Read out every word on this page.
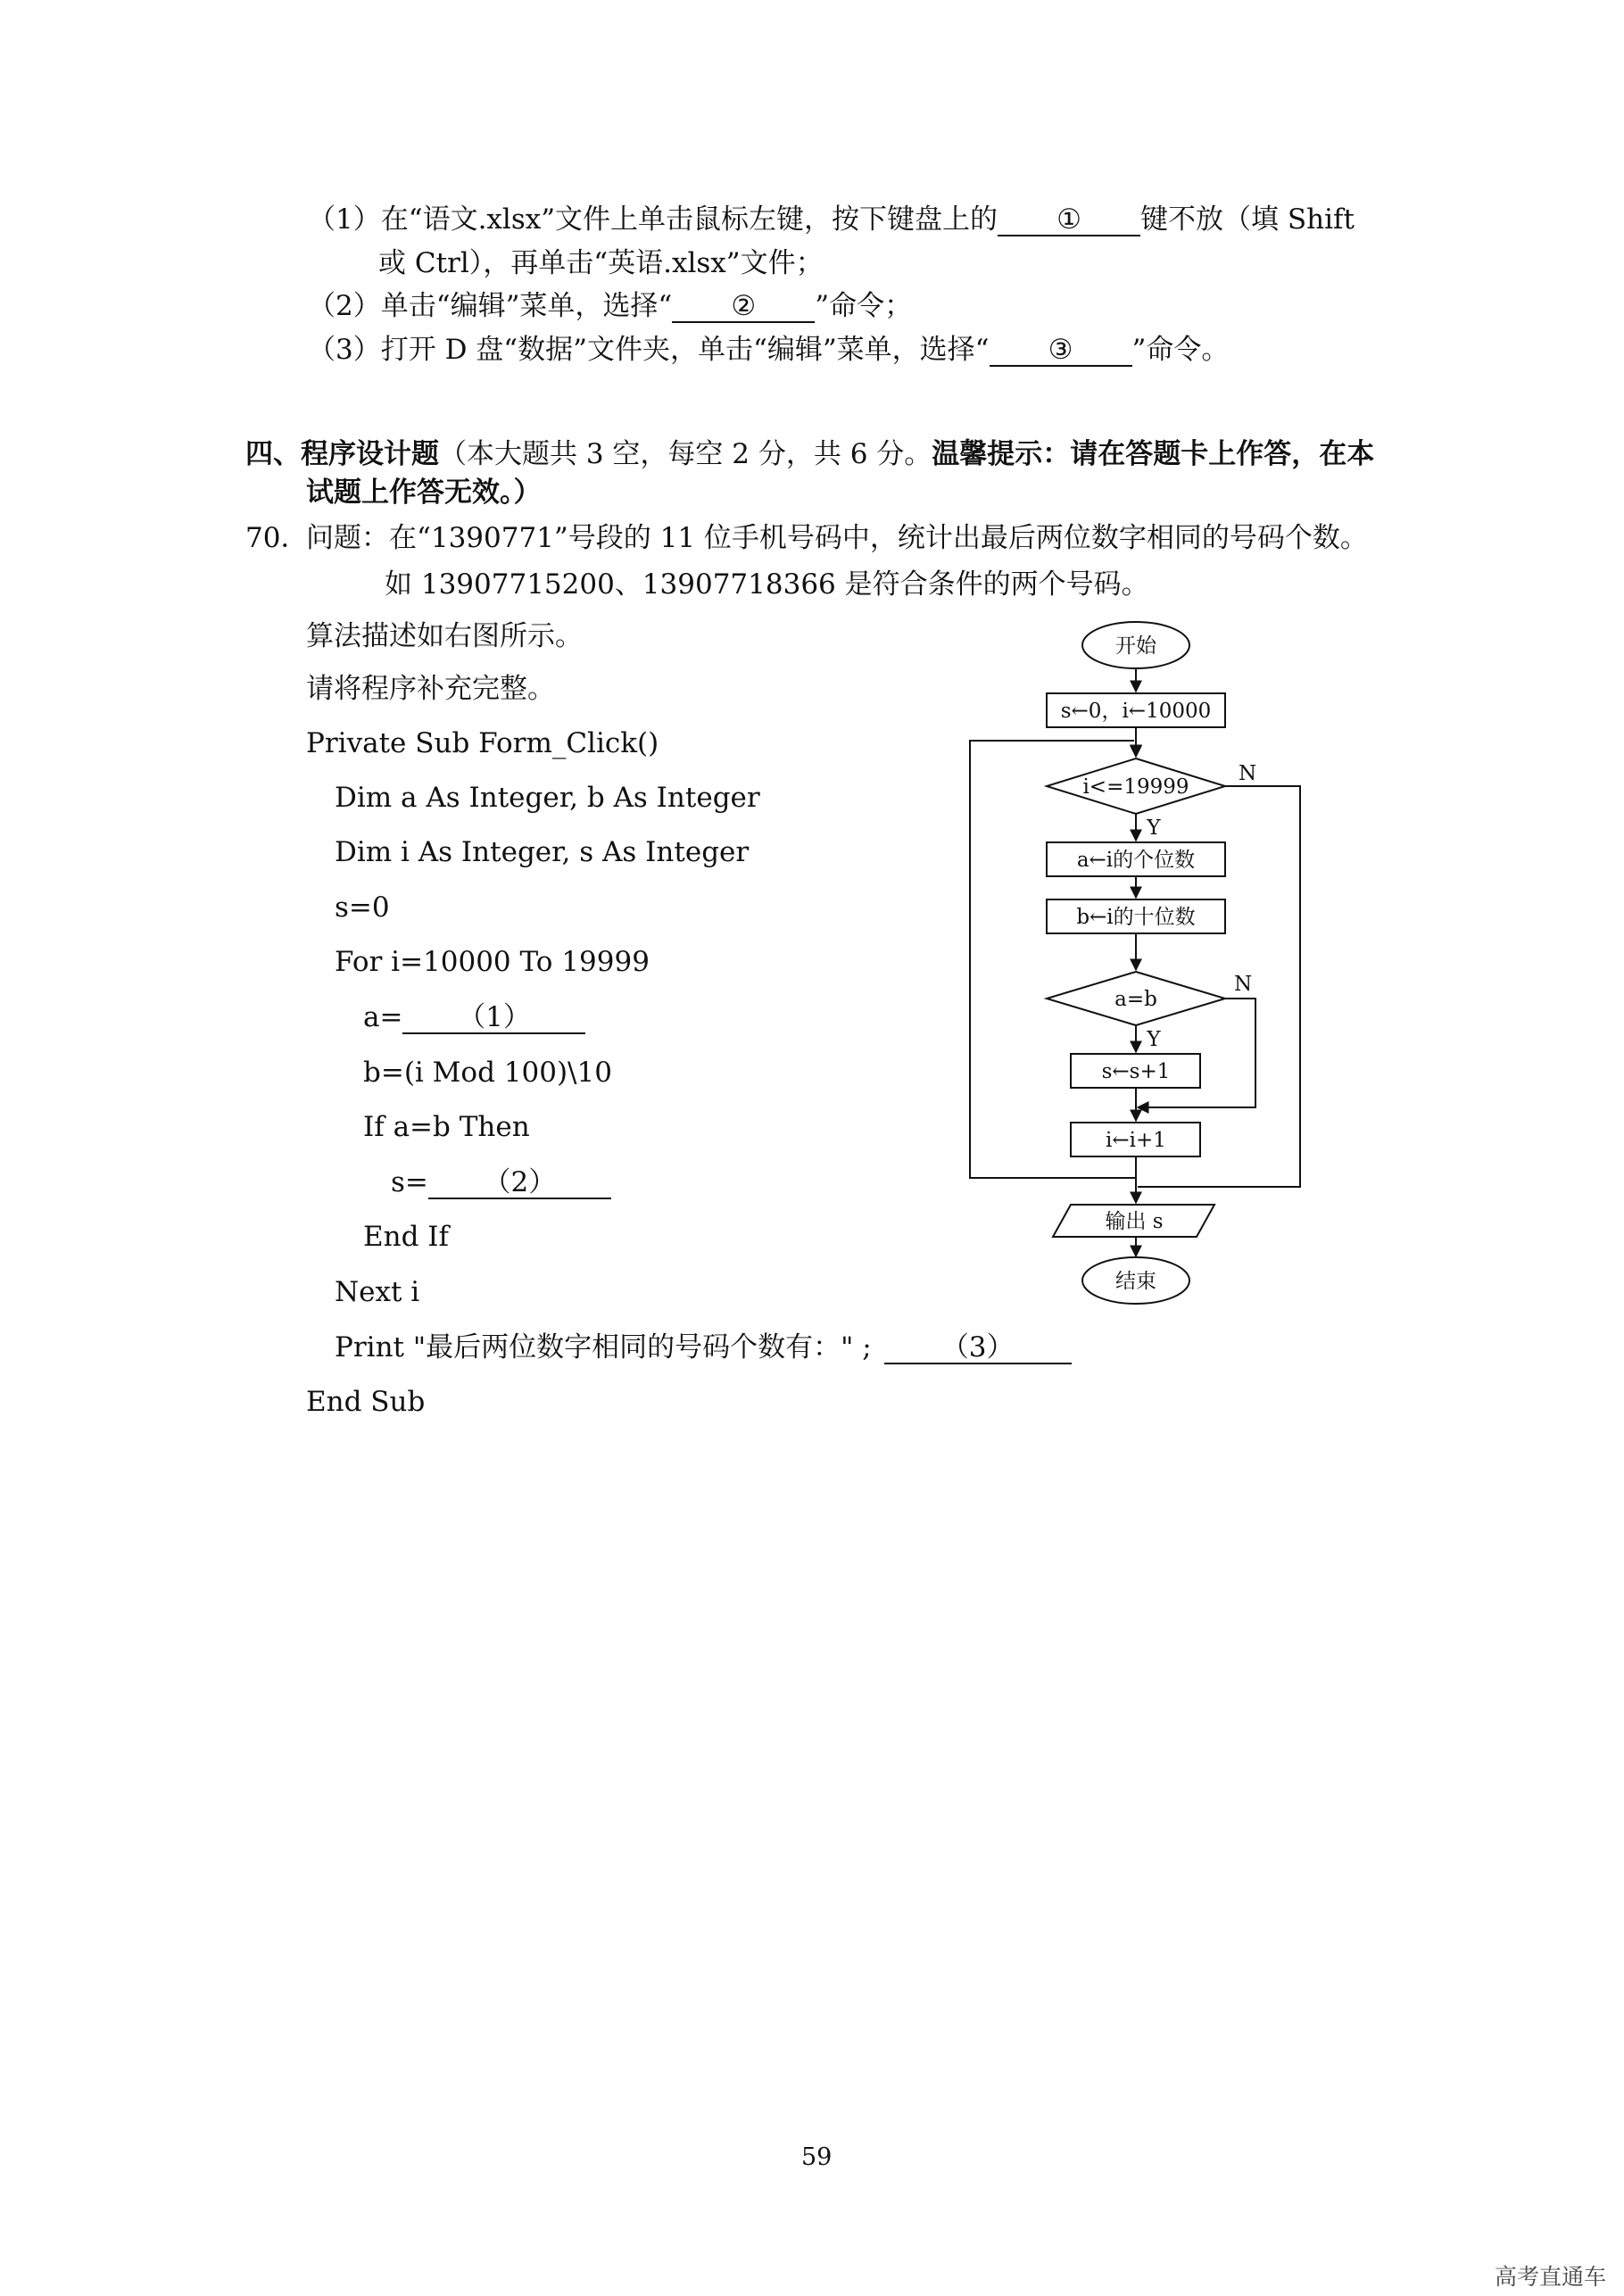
（1）在“语文.xlsx”文件上单击鼠标左键，按下键盘上的 ① 键不放（填 Shift
或 Ctrl），再单击“英语.xlsx”文件；
（2）单击“编辑”菜单，选择“ ② ”命令；
（3）打开 D 盘“数据”文件夹，单击“编辑”菜单，选择“ ③ ”命令。
四、程序设计题（本大题共 3 空，每空 2 分，共 6 分。温馨提示：请在答题卡上作答，在本
试题上作答无效。）
70．
问题：在“1390771”号段的 11 位手机号码中，统计出最后两位数字相同的号码个数。
如 13907715200、13907718366 是符合条件的两个号码。
算法描述如右图所示。
请将程序补充完整。
Private Sub Form_Click()
Dim a As Integer, b As Integer
Dim i As Integer, s As Integer
s=0
For i=10000 To 19999
a= （1）
b=(i Mod 100)\10
If a=b Then
s= （2）
End If
Next i
Print "最后两位数字相同的号码个数有：" ;	（3）
End Sub
开始
s←0，i←10000
i<=19999
N
Y
a←i的个位数
b←i的十位数
a=b
N
Y
s←s+1
i←i+1
输出 s
结束
59
高考直通车
